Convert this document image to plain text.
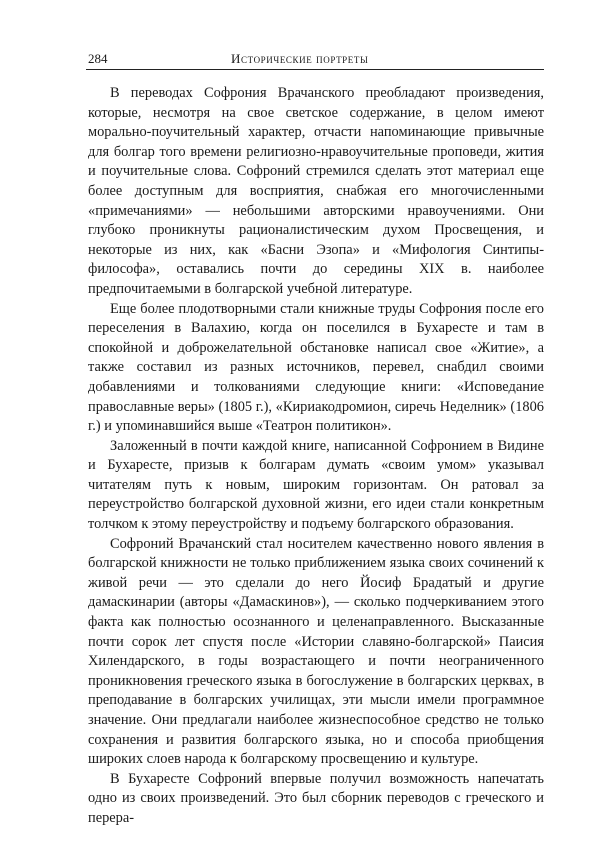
284	Исторические портреты

В переводах Софрония Врачанского преобладают произведения, которые, несмотря на свое светское содержание, в целом имеют морально-поучительный характер, отчасти напоминающие привычные для болгар того времени религиозно-нравоучительные проповеди, жития и поучительные слова. Софроний стремился сделать этот материал еще более доступным для восприятия, снабжая его многочисленными «примечаниями» — небольшими авторскими нравоучениями. Они глубоко проникнуты рационалистическим духом Просвещения, и некоторые из них, как «Басни Эзопа» и «Мифология Синтипы-философа», оставались почти до середины XIX в. наиболее предпочитаемыми в болгарской учебной литературе.

Еще более плодотворными стали книжные труды Софрония после его переселения в Валахию, когда он поселился в Бухаресте и там в спокойной и доброжелательной обстановке написал свое «Житие», а также составил из разных источников, перевел, снабдил своими добавлениями и толкованиями следующие книги: «Исповедание православные веры» (1805 г.), «Кириакодромион, сиречь Неделник» (1806 г.) и упоминавшийся выше «Театрон политикон».

Заложенный в почти каждой книге, написанной Софронием в Видине и Бухаресте, призыв к болгарам думать «своим умом» указывал читателям путь к новым, широким горизонтам. Он ратовал за переустройство болгарской духовной жизни, его идеи стали конкретным толчком к этому переустройству и подъему болгарского образования.

Софроний Врачанский стал носителем качественно нового явления в болгарской книжности не только приближением языка своих сочинений к живой речи — это сделали до него Йосиф Брадатый и другие дамаскинарии (авторы «Дамаскинов»), — сколько подчеркиванием этого факта как полностью осознанного и целенаправленного. Высказанные почти сорок лет спустя после «Истории славяно-болгарской» Паисия Хилендарского, в годы возрастающего и почти неограниченного проникновения греческого языка в богослужение в болгарских церквах, в преподавание в болгарских училищах, эти мысли имели программное значение. Они предлагали наиболее жизнеспособное средство не только сохранения и развития болгарского языка, но и способа приобщения широких слоев народа к болгарскому просвещению и культуре.

В Бухаресте Софроний впервые получил возможность напечатать одно из своих произведений. Это был сборник переводов с греческого и перера-
